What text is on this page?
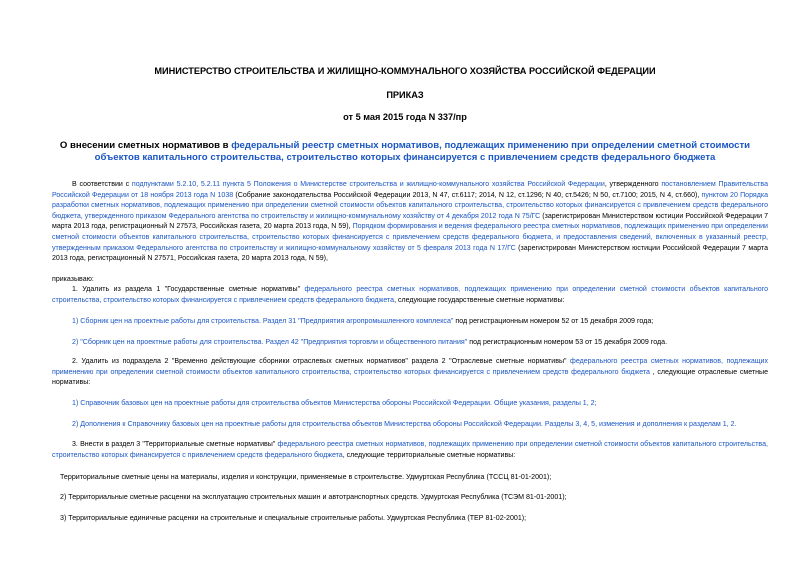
МИНИСТЕРСТВО СТРОИТЕЛЬСТВА И ЖИЛИЩНО-КОММУНАЛЬНОГО ХОЗЯЙСТВА РОССИЙСКОЙ ФЕДЕРАЦИИ
ПРИКАЗ
от 5 мая 2015 года N 337/пр
О внесении сметных нормативов в федеральный реестр сметных нормативов, подлежащих применению при определении сметной стоимости объектов капитального строительства, строительство которых финансируется с привлечением средств федерального бюджета
В соответствии с подпунктами 5.2.10, 5.2.11 пункта 5 Положения о Министерстве строительства и жилищно-коммунального хозяйства Российской Федерации, утвержденного постановлением Правительства Российской Федерации от 18 ноября 2013 года N 1038 (Собрание законодательства Российской Федерации 2013, N 47, ст.6117; 2014, N 12, ст.1296; N 40, ст.5426; N 50, ст.7100; 2015, N 4, ст.660), пунктом 20 Порядка разработки сметных нормативов, подлежащих применению при определении сметной стоимости объектов капитального строительства, строительство которых финансируется с привлечением средств федерального бюджета, утвержденного приказом Федерального агентства по строительству и жилищно-коммунальному хозяйству от 4 декабря 2012 года N 75/ГС (зарегистрирован Министерством юстиции Российской Федерации 7 марта 2013 года, регистрационный N 27573, Российская газета, 20 марта 2013 года, N 59), Порядком формирования и ведения федерального реестра сметных нормативов, подлежащих применению при определении сметной стоимости объектов капитального строительства, строительство которых финансируется с привлечением средств федерального бюджета, и предоставления сведений, включенных в указанный реестр, утвержденным приказом Федерального агентства по строительству и жилищно-коммунальному хозяйству от 5 февраля 2013 года N 17/ГС (зарегистрирован Министерством юстиции Российской Федерации 7 марта 2013 года, регистрационный N 27571, Российская газета, 20 марта 2013 года, N 59),
приказываю:
1. Удалить из раздела 1 "Государственные сметные нормативы" федерального реестра сметных нормативов, подлежащих применению при определении сметной стоимости объектов капитального строительства, строительство которых финансируется с привлечением средств федерального бюджета, следующие государственные сметные нормативы:
1) Сборник цен на проектные работы для строительства. Раздел 31 "Предприятия агропромышленного комплекса" под регистрационным номером 52 от 15 декабря 2009 года;
2) "Сборник цен на проектные работы для строительства. Раздел 42 "Предприятия торговли и общественного питания" под регистрационным номером 53 от 15 декабря 2009 года.
2. Удалить из подраздела 2 "Временно действующие сборники отраслевых сметных нормативов" раздела 2 "Отраслевые сметные нормативы" федерального реестра сметных нормативов, подлежащих применению при определении сметной стоимости объектов капитального строительства, строительство которых финансируется с привлечением средств федерального бюджета , следующие отраслевые сметные нормативы:
1) Справочник базовых цен на проектные работы для строительства объектов Министерства обороны Российской Федерации. Общие указания, разделы 1, 2;
2) Дополнения к Справочнику базовых цен на проектные работы для строительства объектов Министерства обороны Российской Федерации. Разделы 3, 4, 5, изменения и дополнения к разделам 1, 2.
3. Внести в раздел 3 "Территориальные сметные нормативы" федерального реестра сметных нормативов, подлежащих применению при определении сметной стоимости объектов капитального строительства, строительство которых финансируется с привлечением средств федерального бюджета, следующие территориальные сметные нормативы:
Территориальные сметные цены на материалы, изделия и конструкции, применяемые в строительстве. Удмуртская Республика (ТССЦ 81-01-2001);
2) Территориальные сметные расценки на эксплуатацию строительных машин и автотранспортных средств. Удмуртская Республика (ТСЭМ 81-01-2001);
3) Территориальные единичные расценки на строительные и специальные строительные работы. Удмуртская Республика (ТЕР 81-02-2001);
